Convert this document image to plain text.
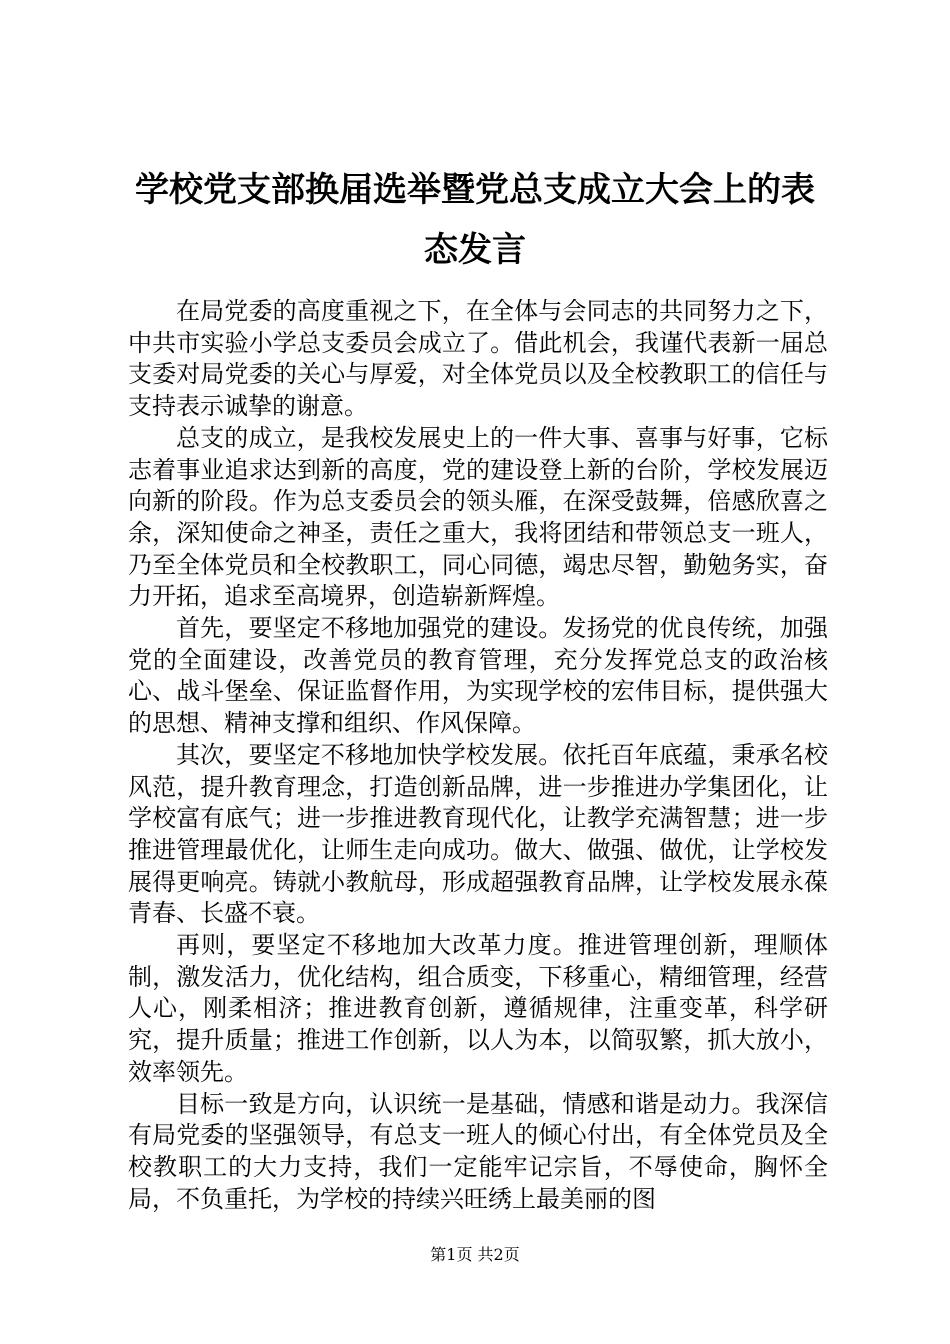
学校党支部换届选举暨党总支成立大会上的表
态发言

在局党委的高度重视之下，在全体与会同志的共同努力之下，中共市实验小学总支委员会成立了。借此机会，我谨代表新一届总支委对局党委的关心与厚爱，对全体党员以及全校教职工的信任与支持表示诚挚的谢意。

总支的成立，是我校发展史上的一件大事、喜事与好事，它标志着事业追求达到新的高度，党的建设登上新的台阶，学校发展迈向新的阶段。作为总支委员会的领头雁，在深受鼓舞，倍感欣喜之余，深知使命之神圣，责任之重大，我将团结和带领总支一班人，乃至全体党员和全校教职工，同心同德，竭忠尽智，勤勉务实，奋力开拓，追求至高境界，创造崭新辉煌。

首先，要坚定不移地加强党的建设。发扬党的优良传统，加强党的全面建设，改善党员的教育管理，充分发挥党总支的政治核心、战斗堡垒、保证监督作用，为实现学校的宏伟目标，提供强大的思想、精神支撑和组织、作风保障。

其次，要坚定不移地加快学校发展。依托百年底蕴，秉承名校风范，提升教育理念，打造创新品牌，进一步推进办学集团化，让学校富有底气；进一步推进教育现代化，让教学充满智慧；进一步推进管理最优化，让师生走向成功。做大、做强、做优，让学校发展得更响亮。铸就小教航母，形成超强教育品牌，让学校发展永葆青春、长盛不衰。

再则，要坚定不移地加大改革力度。推进管理创新，理顺体制，激发活力，优化结构，组合质变，下移重心，精细管理，经营人心，刚柔相济；推进教育创新，遵循规律，注重变革，科学研究，提升质量；推进工作创新，以人为本，以简驭繁，抓大放小，效率领先。

目标一致是方向，认识统一是基础，情感和谐是动力。我深信有局党委的坚强领导，有总支一班人的倾心付出，有全体党员及全校教职工的大力支持，我们一定能牢记宗旨，不辱使命，胸怀全局，不负重托，为学校的持续兴旺绣上最美丽的图

第1页 共2页
